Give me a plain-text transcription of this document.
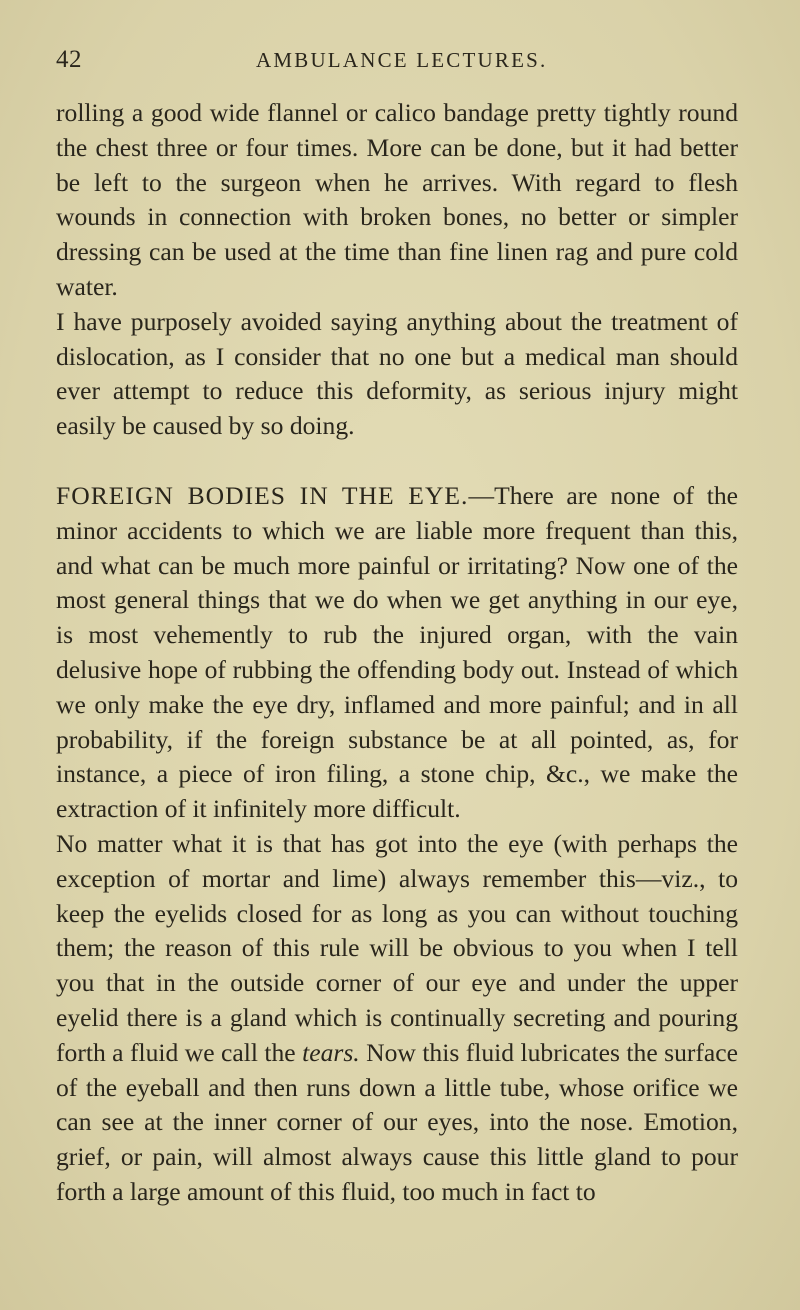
42	AMBULANCE LECTURES.

rolling a good wide flannel or calico bandage pretty tightly round the chest three or four times. More can be done, but it had better be left to the surgeon when he arrives. With regard to flesh wounds in connection with broken bones, no better or simpler dressing can be used at the time than fine linen rag and pure cold water.

I have purposely avoided saying anything about the treatment of dislocation, as I consider that no one but a medical man should ever attempt to reduce this deformity, as serious injury might easily be caused by so doing.

FOREIGN BODIES IN THE EYE.—There are none of the minor accidents to which we are liable more frequent than this, and what can be much more painful or irritating? Now one of the most general things that we do when we get anything in our eye, is most vehemently to rub the injured organ, with the vain delusive hope of rubbing the offending body out. Instead of which we only make the eye dry, inflamed and more painful; and in all probability, if the foreign substance be at all pointed, as, for instance, a piece of iron filing, a stone chip, &c., we make the extraction of it infinitely more difficult.

No matter what it is that has got into the eye (with perhaps the exception of mortar and lime) always remember this—viz., to keep the eyelids closed for as long as you can without touching them; the reason of this rule will be obvious to you when I tell you that in the outside corner of our eye and under the upper eyelid there is a gland which is continually secreting and pouring forth a fluid we call the tears. Now this fluid lubricates the surface of the eyeball and then runs down a little tube, whose orifice we can see at the inner corner of our eyes, into the nose. Emotion, grief, or pain, will almost always cause this little gland to pour forth a large amount of this fluid, too much in fact to
